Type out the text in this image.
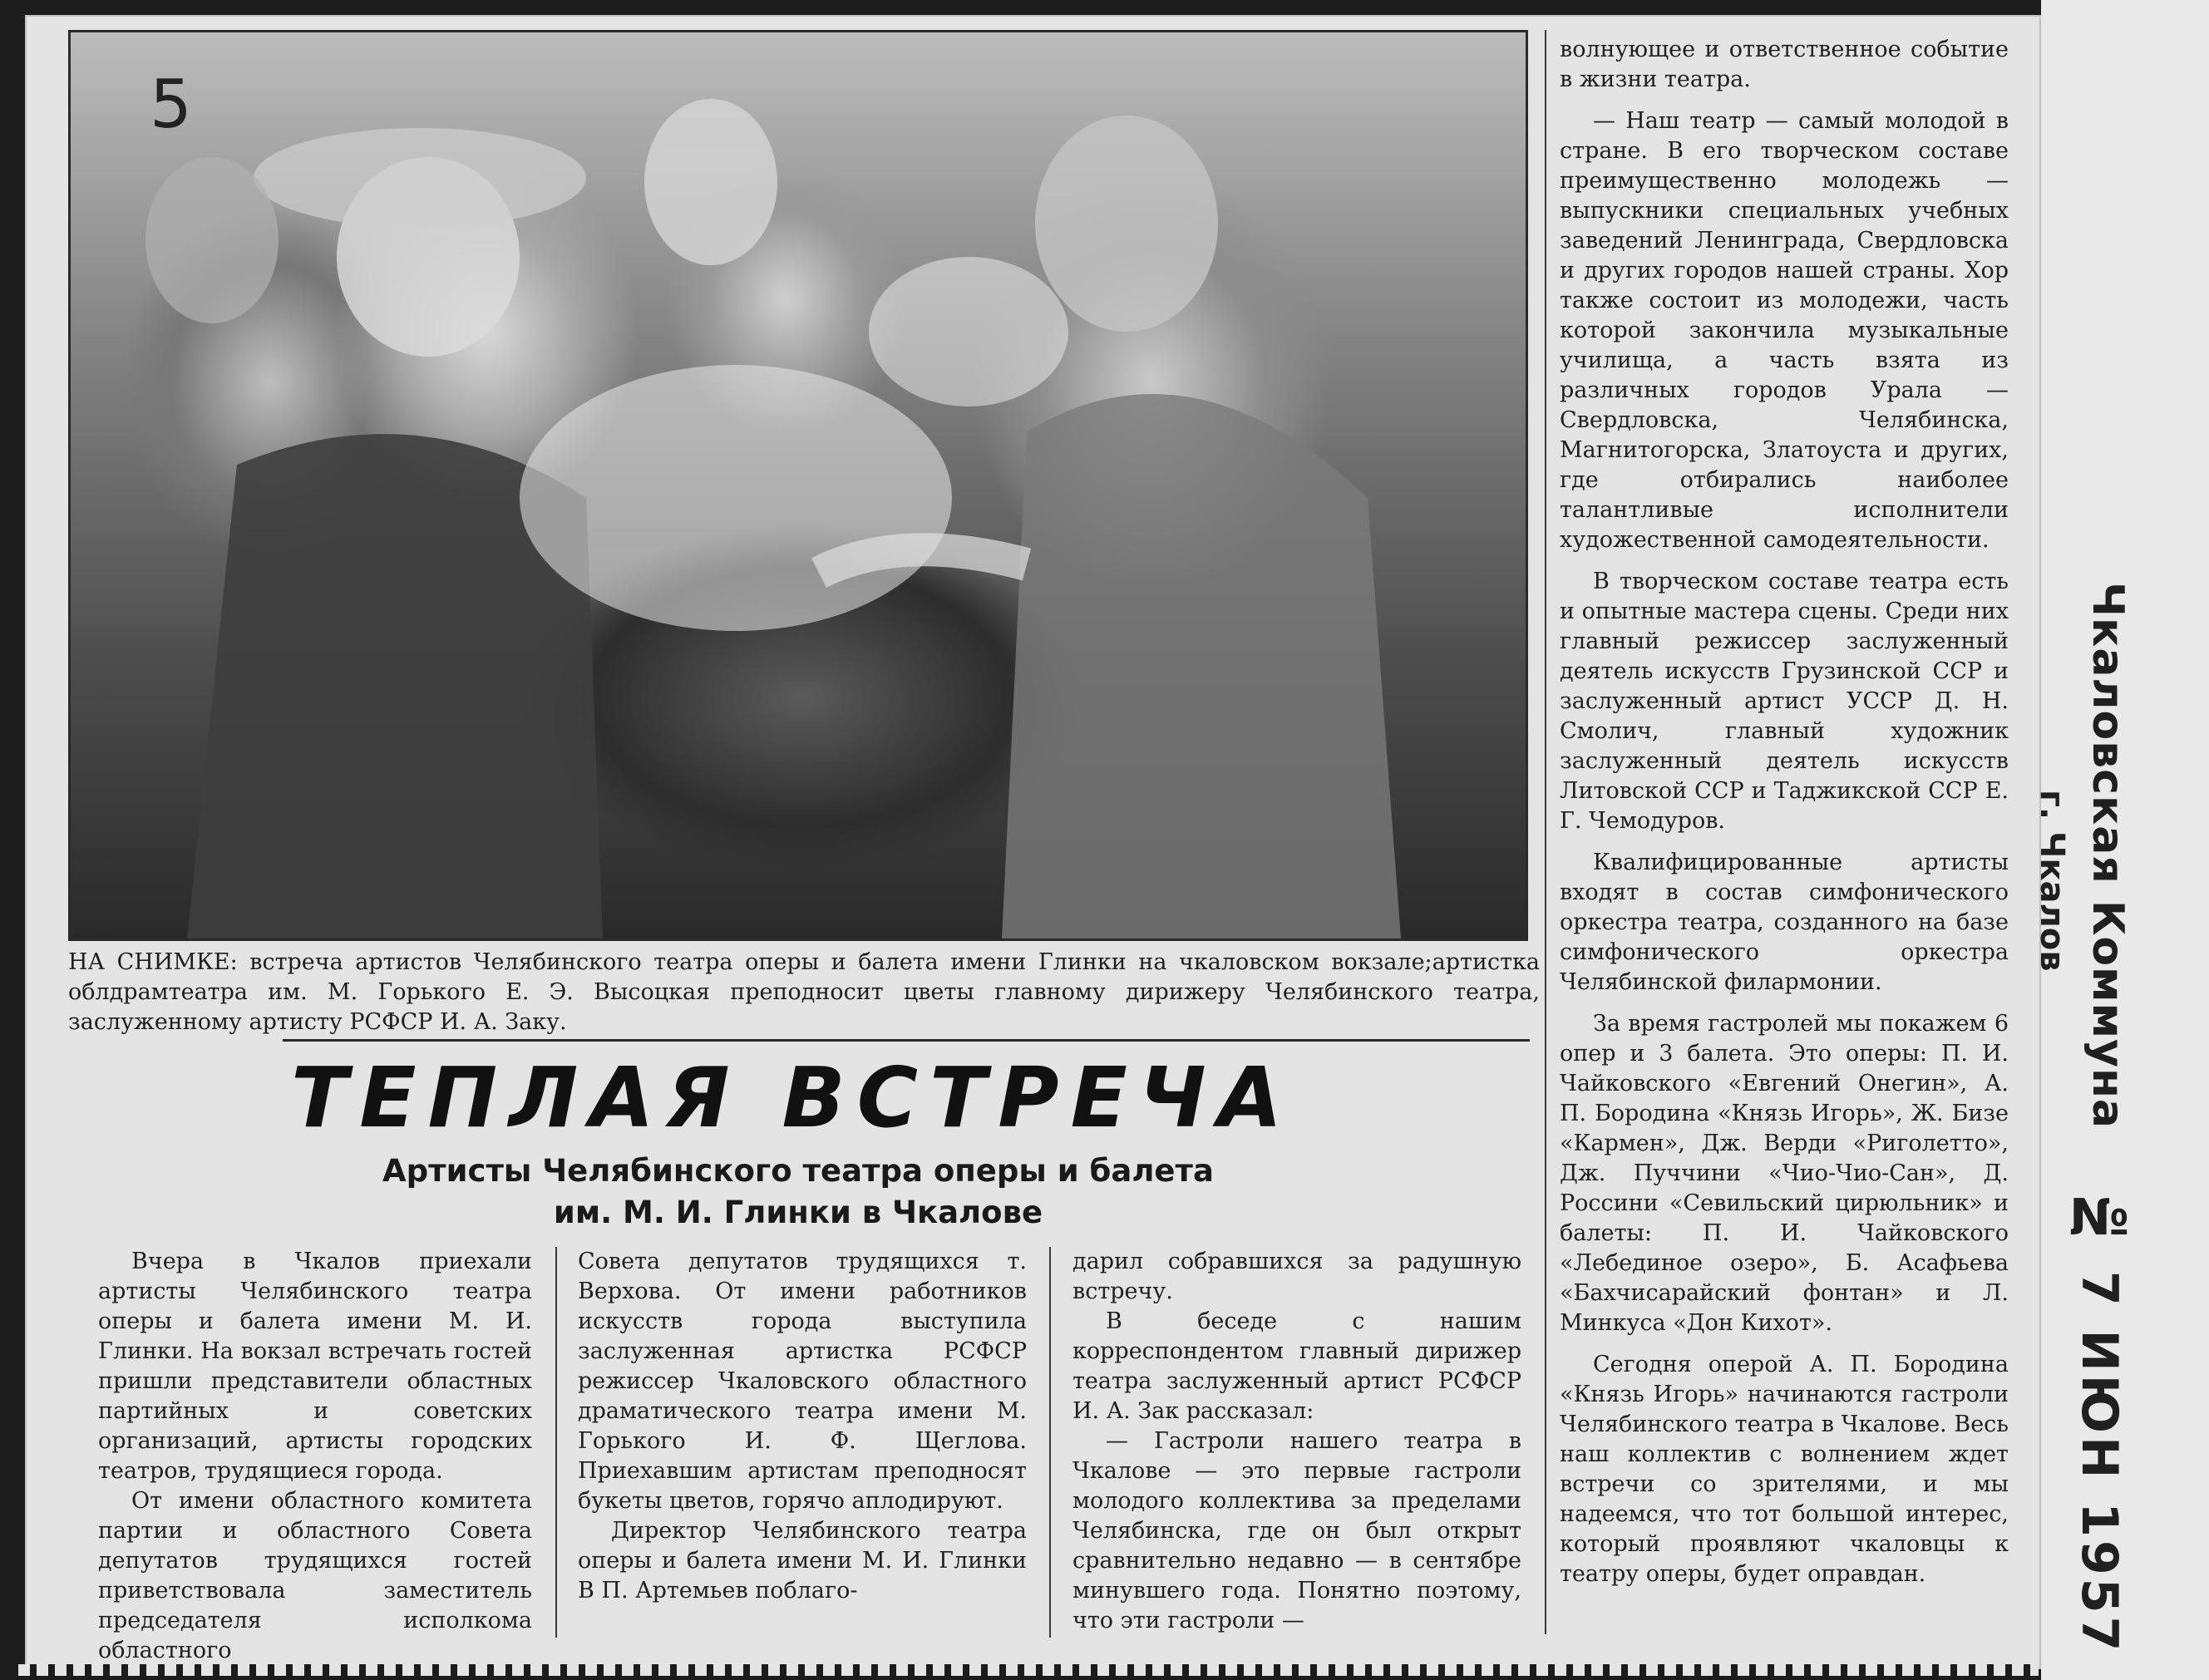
5
НА СНИМКЕ: встреча артистов Челябинского театра оперы и балета имени Глинки на чкаловском вокзале;артистка облдрамтеатра им. М. Горького Е. Э. Высоцкая преподносит цветы главному дирижеру Челябинского театра, заслуженному артисту РСФСР И. А. Заку.
ТЕПЛАЯ ВСТРЕЧА
Артисты Челябинского театра оперы и балета
им. М. И. Глинки в Чкалове

Вчера в Чкалов приехали артисты Челябинского театра оперы и балета имени М. И. Глинки. На вокзал встречать гостей пришли представители областных партийных и советских организаций, артисты городских театров, трудящиеся города.

От имени областного комитета партии и областного Совета депутатов трудящихся гостей приветствовала заместитель председателя исполкома областного

Совета депутатов трудящихся т. Верхова. От имени работников искусств города выступила заслуженная артистка РСФСР режиссер Чкаловского областного драматического театра имени М. Горького И. Ф. Щеглова. Приехавшим артистам преподносят букеты цветов, горячо аплодируют.

Директор Челябинского театра оперы и балета имени М. И. Глинки В П. Артемьев поблаго-

дарил собравшихся за радушную встречу.

В беседе с нашим корреспондентом главный дирижер театра заслуженный артист РСФСР И. А. Зак рассказал:

— Гастроли нашего театра в Чкалове — это первые гастроли молодого коллектива за пределами Челябинска, где он был открыт сравнительно недавно — в сентябре минувшего года. Понятно поэтому, что эти гастроли —

волнующее и ответственное событие в жизни театра.

— Наш театр — самый молодой в стране. В его творческом составе преимущественно молодежь — выпускники специальных учебных заведений Ленинграда, Свердловска и других городов нашей страны. Хор также состоит из молодежи, часть которой закончила музыкальные училища, а часть взята из различных городов Урала — Свердловска, Челябинска, Магнитогорска, Златоуста и других, где отбирались наиболее талантливые исполнители художественной самодеятельности.

В творческом составе театра есть и опытные мастера сцены. Среди них главный режиссер заслуженный деятель искусств Грузинской ССР и заслуженный артист УССР Д. Н. Смолич, главный художник заслуженный деятель искусств Литовской ССР и Таджикской ССР Е. Г. Чемодуров.

Квалифицированные артисты входят в состав симфонического оркестра театра, созданного на базе симфонического оркестра Челябинской филармонии.

За время гастролей мы покажем 6 опер и 3 балета. Это оперы: П. И. Чайковского «Евгений Онегин», А. П. Бородина «Князь Игорь», Ж. Бизе «Кармен», Дж. Верди «Риголетто», Дж. Пуччини «Чио-Чио-Сан», Д. Россини «Севильский цирюльник» и балеты: П. И. Чайковского «Лебединое озеро», Б. Асафьева «Бахчисарайский фонтан» и Л. Минкуса «Дон Кихот».

Сегодня оперой А. П. Бородина «Князь Игорь» начинаются гастроли Челябинского театра в Чкалове. Весь наш коллектив с волнением ждет встречи со зрителями, и мы надеемся, что тот большой интерес, который проявляют чкаловцы к театру оперы, будет оправдан.

Чкаловская Коммуна
г. Чкалов
№ 7 ИЮН 1957
